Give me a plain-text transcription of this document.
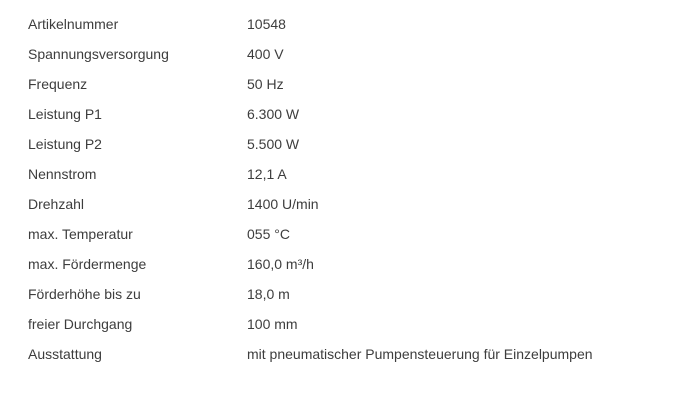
Artikelnummer	10548
Spannungsversorgung	400 V
Frequenz	50 Hz
Leistung P1	6.300 W
Leistung P2	5.500 W
Nennstrom	12,1 A
Drehzahl	1400 U/min
max. Temperatur	055 °C
max. Fördermenge	160,0 m³/h
Förderhöhe bis zu	18,0 m
freier Durchgang	100 mm
Ausstattung	mit pneumatischer Pumpensteuerung für Einzelpumpen
